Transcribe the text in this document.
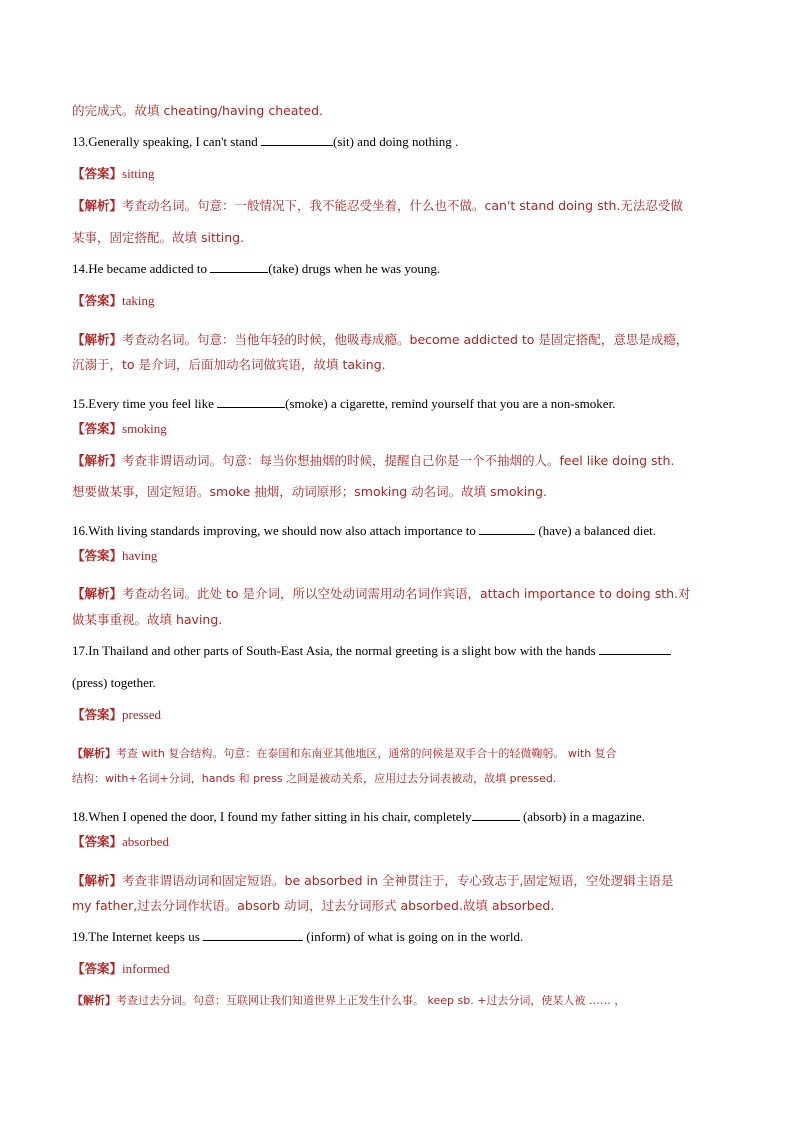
的完成式。故填 cheating/having cheated.
13.Generally speaking, I can't stand	(sit) and doing nothing .
【答案】sitting
【解析】考查动名词。句意：一般情况下，我不能忍受坐着，什么也不做。can't stand doing sth.无法忍受做
某事，固定搭配。故填 sitting.
14.He became addicted to	(take) drugs when he was young.
【答案】taking
【解析】考查动名词。句意：当他年轻的时候，他吸毒成瘾。become addicted to 是固定搭配，意思是成瘾，
沉溺于，to 是介词，后面加动名词做宾语，故填 taking.
15.Every time you feel like	(smoke) a cigarette, remind yourself that you are a non-smoker.
【答案】smoking
【解析】考查非谓语动词。句意：每当你想抽烟的时候，提醒自己你是一个不抽烟的人。feel like doing sth.
想要做某事，固定短语。smoke 抽烟，动词原形；smoking 动名词。故填 smoking.
16.With living standards improving, we should now also attach importance to	(have) a balanced diet.
【答案】having
【解析】考查动名词。此处 to 是介词，所以空处动词需用动名词作宾语，attach importance to doing sth.对
做某事重视。故填 having.
17.In Thailand and other parts of South-East Asia, the normal greeting is a slight bow with the hands
(press) together.
【答案】pressed
【解析】考查 with 复合结构。句意：在泰国和东南亚其他地区，通常的问候是双手合十的轻微鞠躬。 with 复合
结构：with+名词+分词，hands 和 press 之间是被动关系，应用过去分词表被动，故填 pressed.
18.When I opened the door, I found my father sitting in his chair, completely	(absorb) in a magazine.
【答案】absorbed
【解析】考查非谓语动词和固定短语。be absorbed in 全神贯注于，专心致志于,固定短语，空处逻辑主语是
my father,过去分词作状语。absorb 动词，过去分词形式 absorbed.故填 absorbed.
19.The Internet keeps us	(inform) of what is going on in the world.
【答案】informed
【解析】考查过去分词。句意：互联网让我们知道世界上正发生什么事。 keep sb. +过去分词，使某人被 …… ，
